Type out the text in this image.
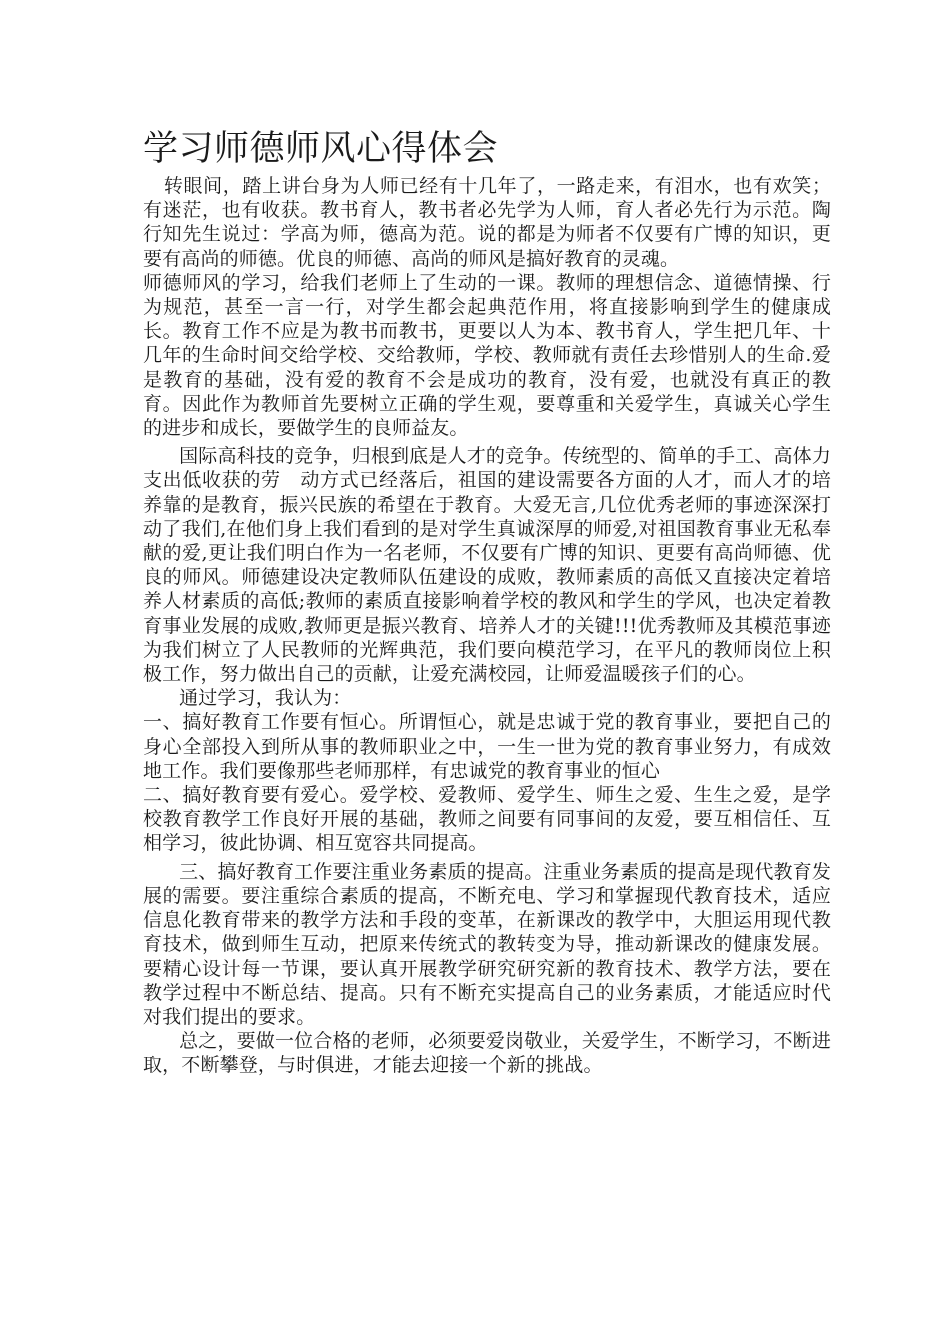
学习师德师风心得体会

转眼间，踏上讲台身为人师已经有十几年了，一路走来，有泪水，也有欢笑；有迷茫，也有收获。教书育人，教书者必先学为人师，育人者必先行为示范。陶行知先生说过：学高为师，德高为范。说的都是为师者不仅要有广博的知识，更要有高尚的师德。优良的师德、高尚的师风是搞好教育的灵魂。

师德师风的学习，给我们老师上了生动的一课。教师的理想信念、道德情操、行为规范，甚至一言一行，对学生都会起典范作用，将直接影响到学生的健康成长。教育工作不应是为教书而教书，更要以人为本、教书育人，学生把几年、十几年的生命时间交给学校、交给教师，学校、教师就有责任去珍惜别人的生命.爱是教育的基础，没有爱的教育不会是成功的教育，没有爱，也就没有真正的教育。因此作为教师首先要树立正确的学生观，要尊重和关爱学生，真诚关心学生的进步和成长，要做学生的良师益友。

国际高科技的竞争，归根到底是人才的竞争。传统型的、简单的手工、高体力支出低收获的劳　动方式已经落后，祖国的建设需要各方面的人才，而人才的培养靠的是教育，振兴民族的希望在于教育。大爱无言,几位优秀老师的事迹深深打动了我们,在他们身上我们看到的是对学生真诚深厚的师爱,对祖国教育事业无私奉献的爱,更让我们明白作为一名老师，不仅要有广博的知识、更要有高尚师德、优良的师风。师德建设决定教师队伍建设的成败，教师素质的高低又直接决定着培养人材素质的高低;教师的素质直接影响着学校的教风和学生的学风，也决定着教育事业发展的成败,教师更是振兴教育、培养人才的关键!!!优秀教师及其模范事迹为我们树立了人民教师的光辉典范，我们要向模范学习，在平凡的教师岗位上积极工作，努力做出自己的贡献，让爱充满校园，让师爱温暖孩子们的心。

通过学习，我认为：

一、搞好教育工作要有恒心。所谓恒心，就是忠诚于党的教育事业，要把自己的身心全部投入到所从事的教师职业之中，一生一世为党的教育事业努力，有成效地工作。我们要像那些老师那样，有忠诚党的教育事业的恒心

二、搞好教育要有爱心。爱学校、爱教师、爱学生、师生之爱、生生之爱，是学校教育教学工作良好开展的基础，教师之间要有同事间的友爱，要互相信任、互相学习，彼此协调、相互宽容共同提高。

三、搞好教育工作要注重业务素质的提高。注重业务素质的提高是现代教育发展的需要。要注重综合素质的提高，不断充电、学习和掌握现代教育技术，适应信息化教育带来的教学方法和手段的变革，在新课改的教学中，大胆运用现代教育技术，做到师生互动，把原来传统式的教转变为导，推动新课改的健康发展。要精心设计每一节课，要认真开展教学研究研究新的教育技术、教学方法，要在教学过程中不断总结、提高。只有不断充实提高自己的业务素质，才能适应时代对我们提出的要求。

总之，要做一位合格的老师，必须要爱岗敬业，关爱学生，不断学习，不断进取，不断攀登，与时俱进，才能去迎接一个新的挑战。
